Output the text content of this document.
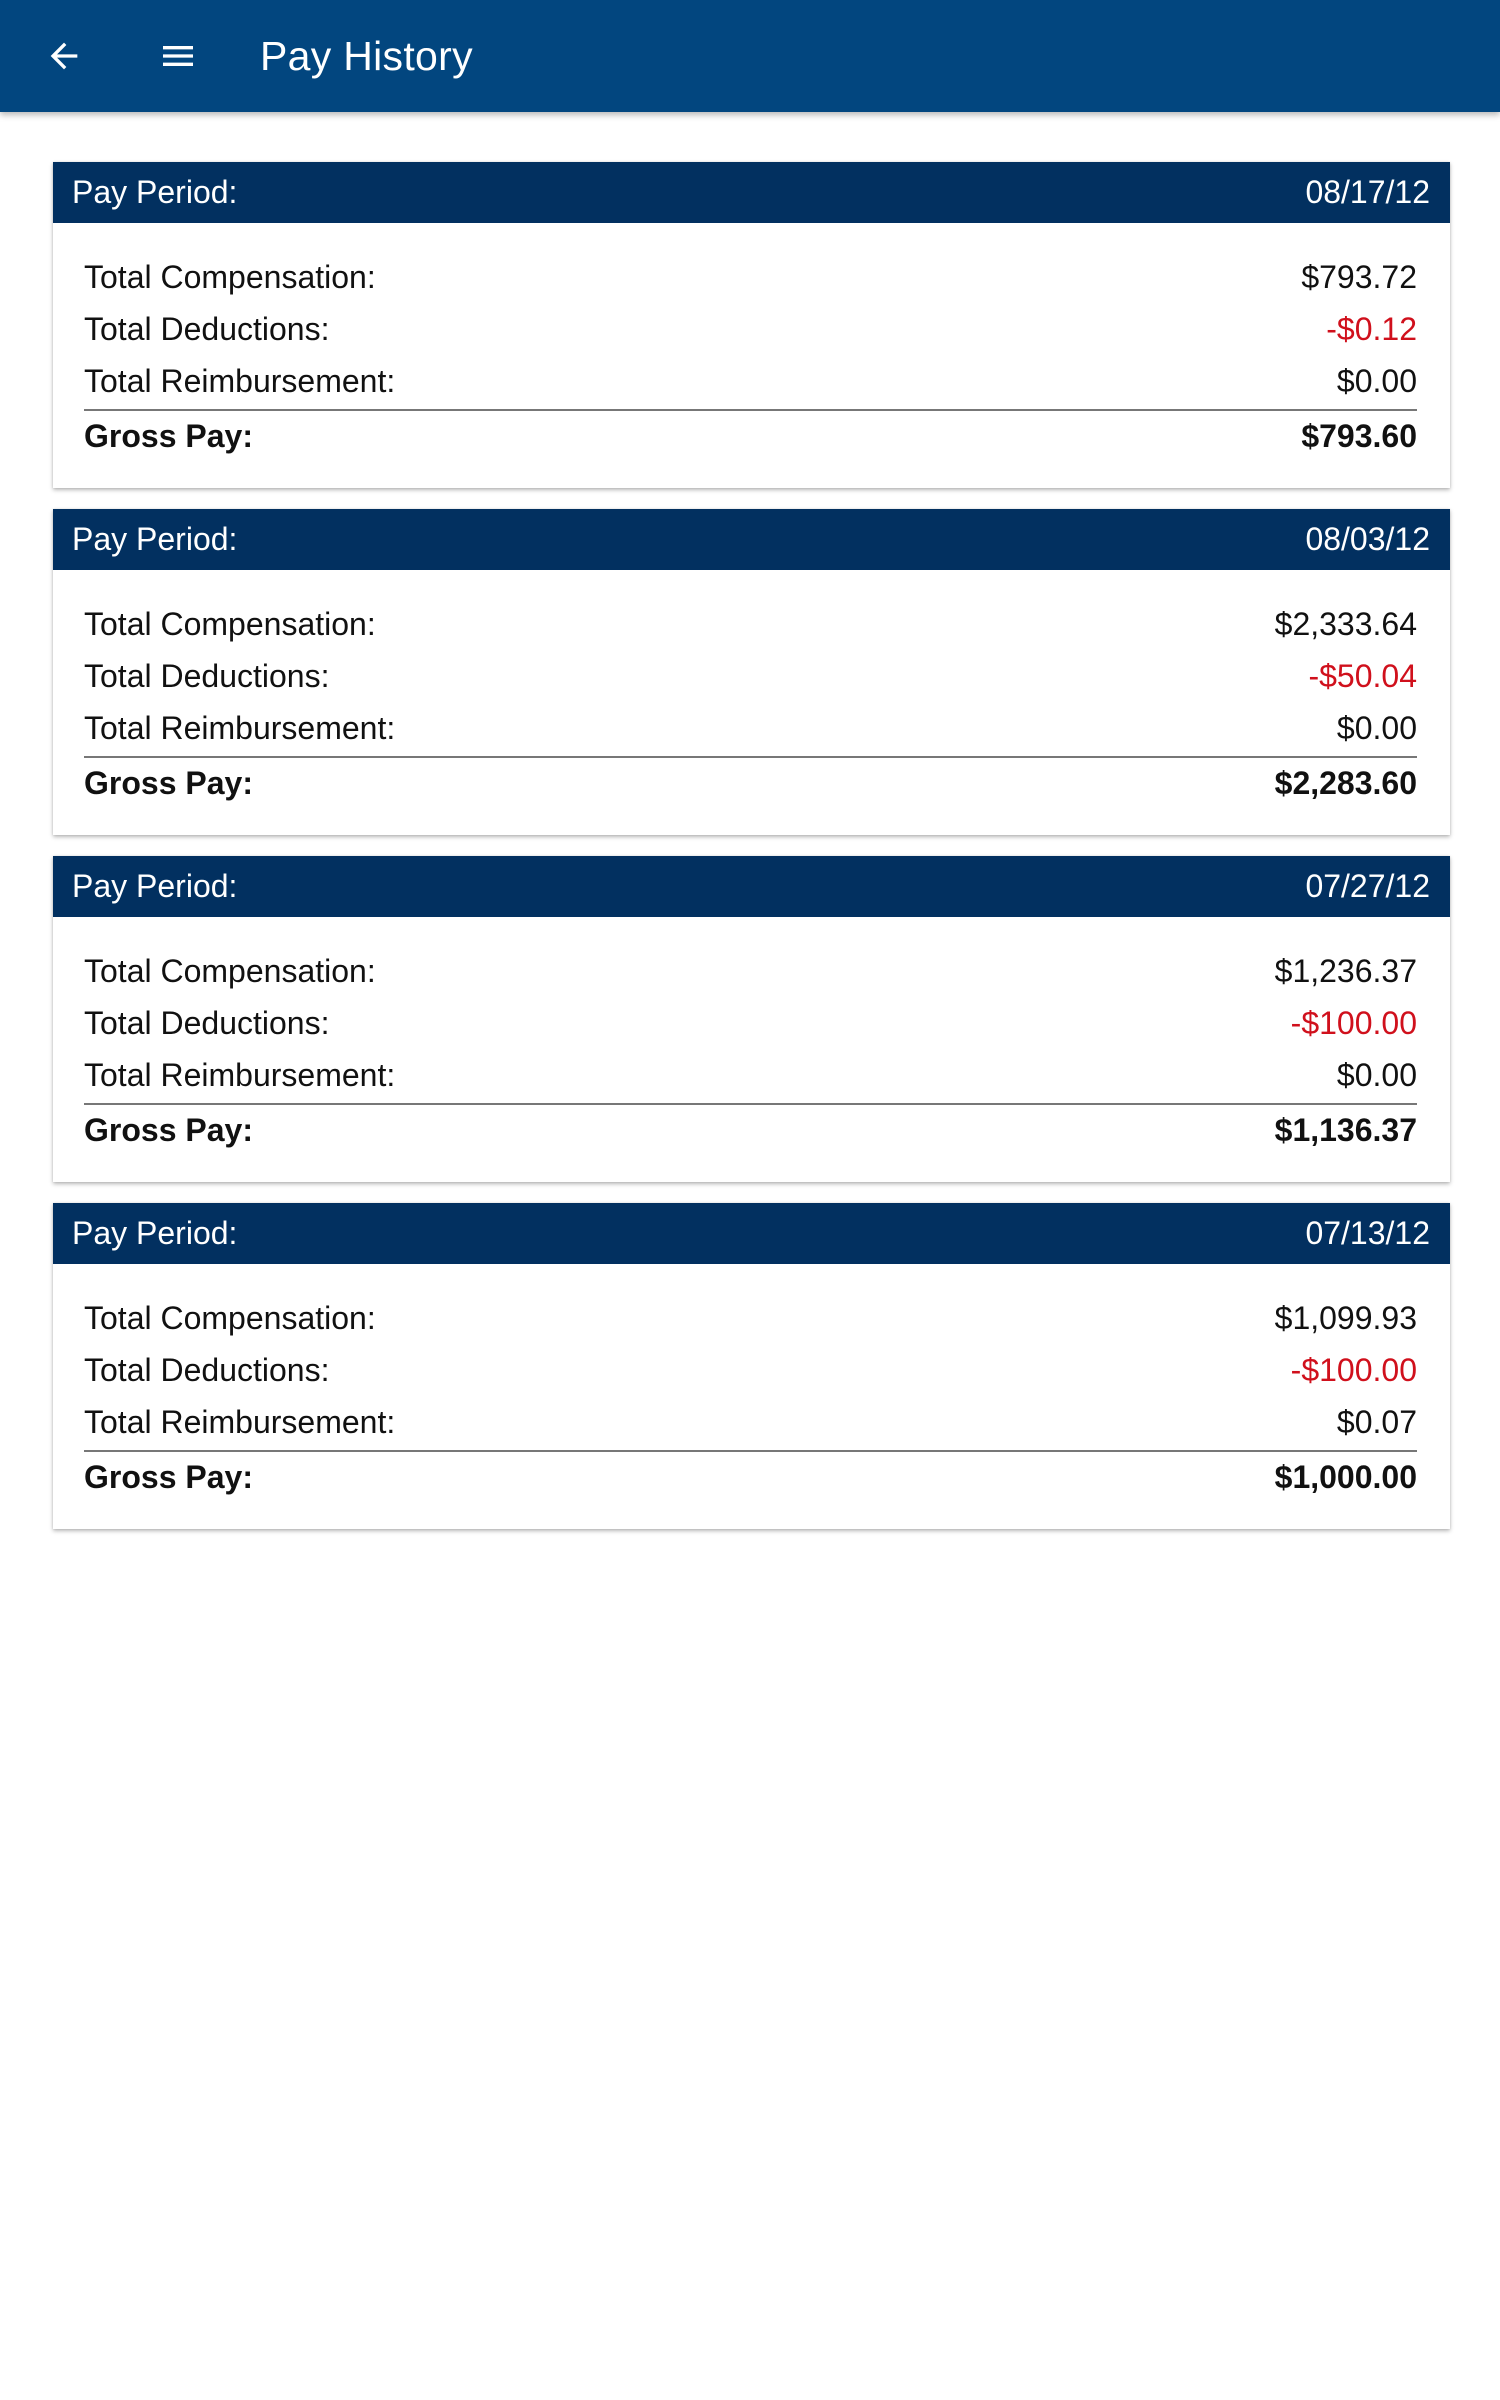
Pay History
Pay Period:	08/17/12
Total Compensation:	$793.72
Total Deductions:	-$0.12
Total Reimbursement:	$0.00
Gross Pay:	$793.60
Pay Period:	08/03/12
Total Compensation:	$2,333.64
Total Deductions:	-$50.04
Total Reimbursement:	$0.00
Gross Pay:	$2,283.60
Pay Period:	07/27/12
Total Compensation:	$1,236.37
Total Deductions:	-$100.00
Total Reimbursement:	$0.00
Gross Pay:	$1,136.37
Pay Period:	07/13/12
Total Compensation:	$1,099.93
Total Deductions:	-$100.00
Total Reimbursement:	$0.07
Gross Pay:	$1,000.00
